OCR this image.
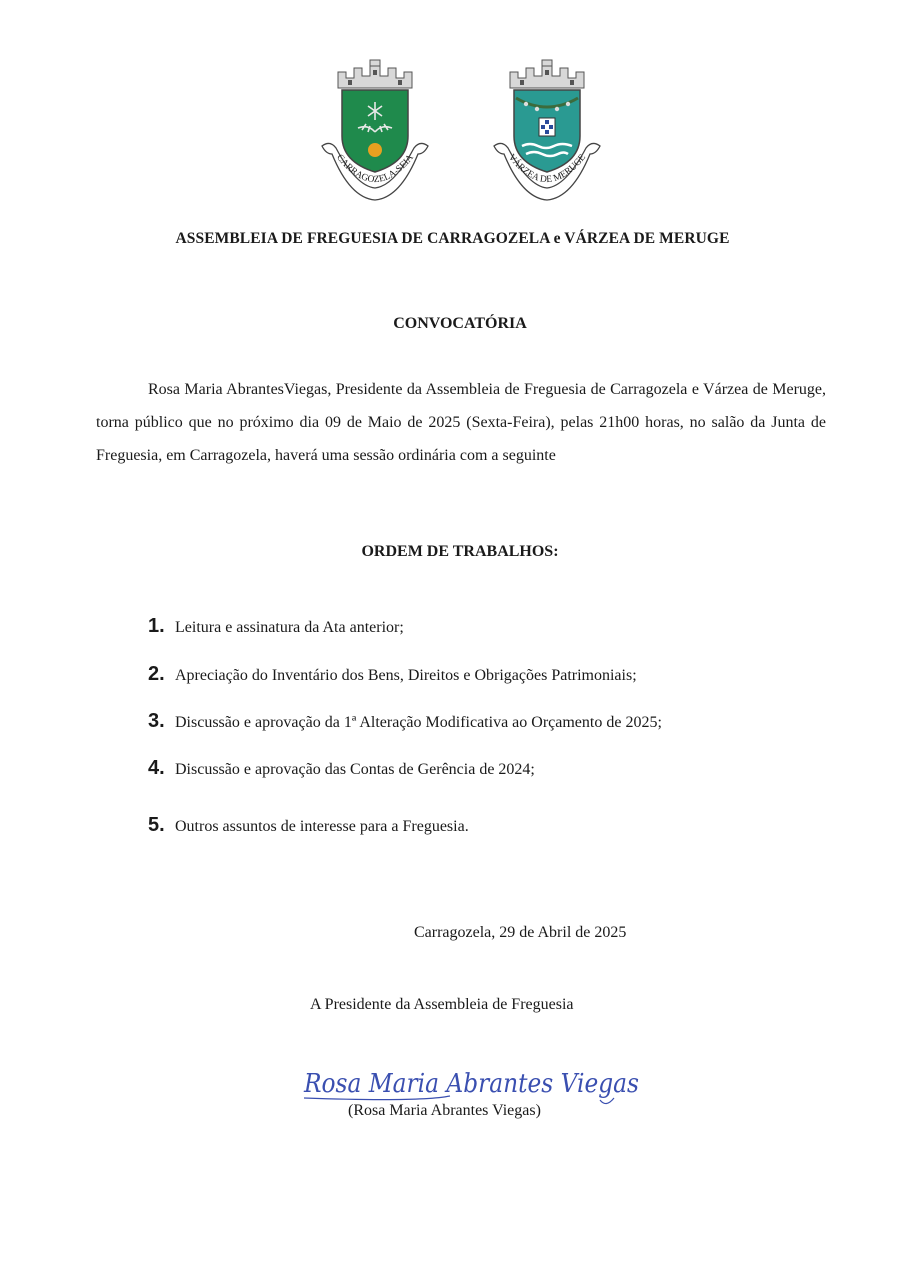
CARRAGOZELA-SEIA	VÁRZEA DE MERUGE
ASSEMBLEIA DE FREGUESIA DE CARRAGOZELA e VÁRZEA DE MERUGE
CONVOCATÓRIA
Rosa Maria AbrantesViegas, Presidente da Assembleia de Freguesia de Carragozela e Várzea de Meruge, torna público que no próximo dia 09 de Maio de 2025 (Sexta-Feira), pelas 21h00 horas, no salão da Junta de Freguesia, em Carragozela, haverá uma sessão ordinária com a seguinte
ORDEM DE TRABALHOS:
1. Leitura e assinatura da Ata anterior;
2. Apreciação do Inventário dos Bens, Direitos e Obrigações Patrimoniais;
3. Discussão e aprovação da 1ª Alteração Modificativa ao Orçamento de 2025;
4. Discussão e aprovação das Contas de Gerência de 2024;
5. Outros assuntos de interesse para a Freguesia.
Carragozela, 29 de Abril de 2025
A Presidente da Assembleia de Freguesia
Rosa Maria Abrantes Viegas
(Rosa Maria Abrantes Viegas)
